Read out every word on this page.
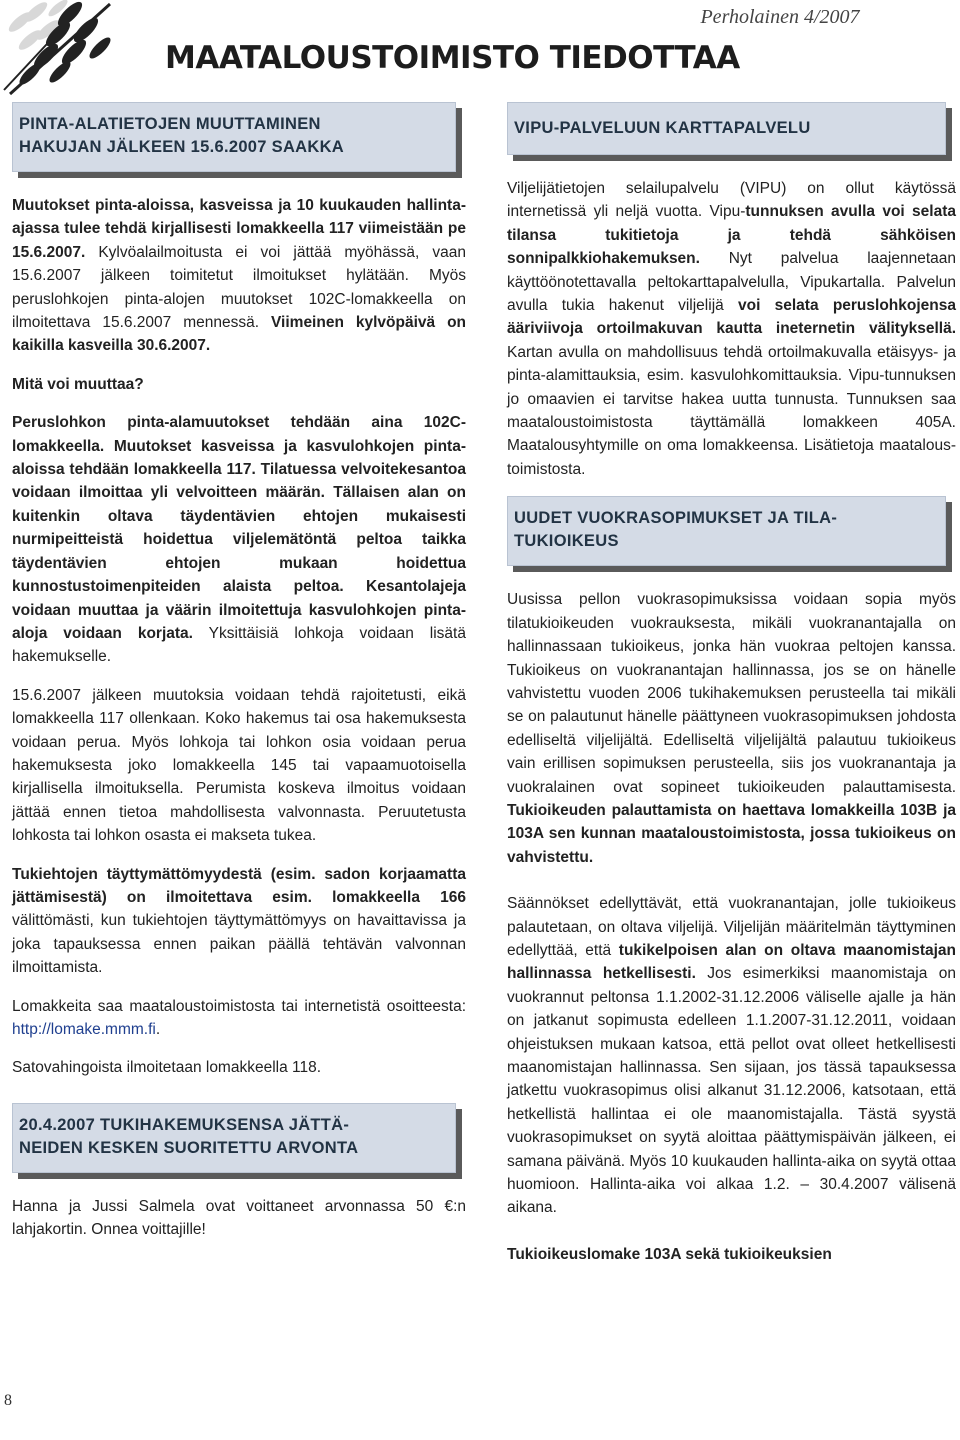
Perholainen 4/2007
MAATALOUSTOIMISTO TIEDOTTAA
8
PINTA-ALATIETOJEN MUUTTAMINEN
HAKUJAN JÄLKEEN 15.6.2007 SAAKKA

Muutokset pinta-aloissa, kasveissa ja 10 kuukauden hallinta-ajassa tulee tehdä kirjallisesti lomakkeella 117 viimeistään pe 15.6.2007. Kylvöalailmoitusta ei voi jättää myöhässä, vaan 15.6.2007 jälkeen toimitetut ilmoitukset hylätään. Myös peruslohkojen pinta-alojen muutokset 102C-lomakkeella on ilmoitettava 15.6.2007 mennessä. Viimeinen kylvöpäivä on kaikilla kasveilla 30.6.2007.

Mitä voi muuttaa?

Peruslohkon pinta-alamuutokset tehdään aina 102C-lomakkeella. Muutokset kasveissa ja kasvulohkojen pinta-aloissa tehdään lomakkeella 117. Tilatuessa velvoitekesantoa voidaan ilmoittaa yli velvoitteen määrän. Tällaisen alan on kuitenkin oltava täydentävien ehtojen mukaisesti nurmipeitteistä hoidettua viljelemätöntä peltoa taikka täydentävien ehtojen mukaan hoidettua kunnostustoimenpiteiden alaista peltoa. Kesantolajeja voidaan muuttaa ja väärin ilmoitettuja kasvulohkojen pinta-aloja voidaan korjata. Yksittäisiä lohkoja voidaan lisätä hakemukselle.

15.6.2007 jälkeen muutoksia voidaan tehdä rajoitetusti, eikä lomakkeella 117 ollenkaan. Koko hakemus tai osa hakemuksesta voidaan perua. Myös lohkoja tai lohkon osia voidaan perua hakemuksesta joko lomakkeella 145 tai vapaamuotoisella kirjallisella ilmoituksella. Perumista koskeva ilmoitus voidaan jättää ennen tietoa mahdollisesta valvonnasta. Peruutetusta lohkosta tai lohkon osasta ei makseta tukea.

Tukiehtojen täyttymättömyydestä (esim. sadon korjaamatta jättämisestä) on ilmoitettava esim. lomakkeella 166 välittömästi, kun tukiehtojen täyttymättömyys on havaittavissa ja joka tapauksessa ennen paikan päällä tehtävän valvonnan ilmoittamista.

Lomakkeita saa maataloustoimistosta tai internetistä osoitteesta: http://lomake.mmm.fi.

Satovahingoista ilmoitetaan lomakkeella 118.

20.4.2007 TUKIHAKEMUKSENSA JÄTTÄ-
NEIDEN KESKEN SUORITETTU ARVONTA

Hanna ja Jussi Salmela ovat voittaneet arvonnassa 50 €:n lahjakortin. Onnea voittajille!

VIPU-PALVELUUN KARTTAPALVELU

Viljelijätietojen selailupalvelu (VIPU) on ollut käytössä internetissä yli neljä vuotta. Vipu-tunnuksen avulla voi selata tilansa tukitietoja ja tehdä sähköisen sonnipalkkiohakemuksen. Nyt palvelua laajennetaan käyttöönotettavalla peltokarttapalvelulla, Vipukartalla. Palvelun avulla tukia hakenut viljelijä voi selata peruslohkojensa ääriviivoja ortoilmakuvan kautta ineternetin välityksellä. Kartan avulla on mahdollisuus tehdä ortoilmakuvalla etäisyys- ja pinta-alamittauksia, esim. kasvulohkomittauksia. Vipu-tunnuksen jo omaavien ei tarvitse hakea uutta tunnusta. Tunnuksen saa maataloustoimistosta täyttämällä lomakkeen 405A. Maatalousyhtymille on oma lomakkeensa. Lisätietoja maataloustoimistosta.

UUDET VUOKRASOPIMUKSET JA TILA-
TUKIOIKEUS

Uusissa pellon vuokrasopimuksissa voidaan sopia myös tilatukioikeuden vuokrauksesta, mikäli vuokranantajalla on hallinnassaan tukioikeus, jonka hän vuokraa peltojen kanssa. Tukioikeus on vuokranantajan hallinnassa, jos se on hänelle vahvistettu vuoden 2006 tukihakemuksen perusteella tai mikäli se on palautunut hänelle päättyneen vuokrasopimuksen johdosta edelliseltä viljelijältä. Edelliseltä viljelijältä palautuu tukioikeus vain erillisen sopimuksen perusteella, siis jos vuokranantaja ja vuokralainen ovat sopineet tukioikeuden palauttamisesta. Tukioikeuden palauttamista on haettava lomakkeilla 103B ja 103A sen kunnan maataloustoimistosta, jossa tukioikeus on vahvistettu.

Säännökset edellyttävät, että vuokranantajan, jolle tukioikeus palautetaan, on oltava viljelijä. Viljelijän määritelmän täyttyminen edellyttää, että tukikelpoisen alan on oltava maanomistajan hallinnassa hetkellisesti. Jos esimerkiksi maanomistaja on vuokrannut peltonsa 1.1.2002-31.12.2006 väliselle ajalle ja hän on jatkanut sopimusta edelleen 1.1.2007-31.12.2011, voidaan ohjeistuksen mukaan katsoa, että pellot ovat olleet hetkellisesti maanomistajan hallinnassa. Sen sijaan, jos tässä tapauksessa jatkettu vuokrasopimus olisi alkanut 31.12.2006, katsotaan, että hetkellistä hallintaa ei ole maanomistajalla. Tästä syystä vuokrasopimukset on syytä aloittaa päättymispäivän jälkeen, ei samana päivänä. Myös 10 kuukauden hallinta-aika on syytä ottaa huomioon. Hallinta-aika voi alkaa 1.2. – 30.4.2007 välisenä aikana.

Tukioikeuslomake 103A sekä tukioikeuksien
